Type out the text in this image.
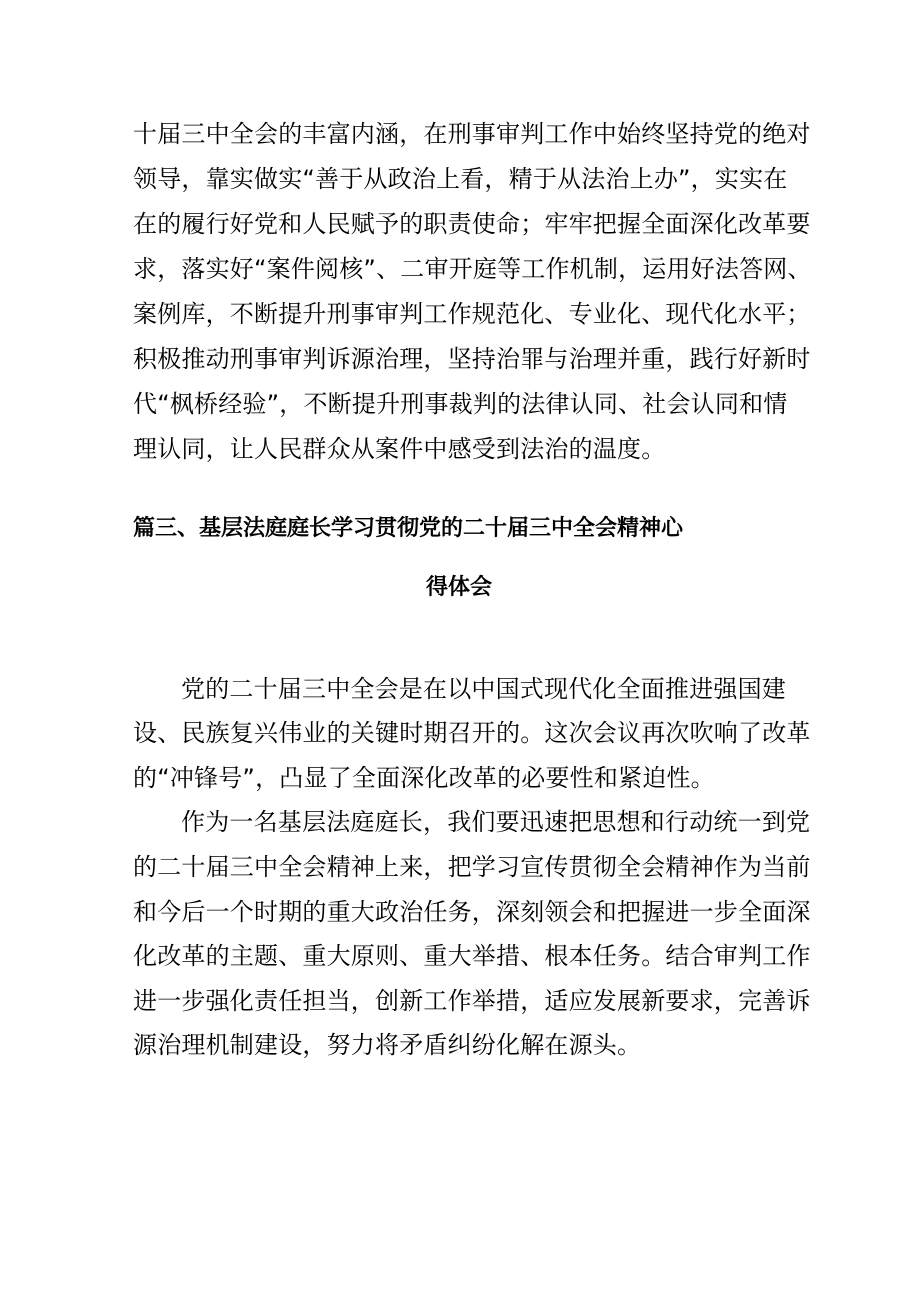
十届三中全会的丰富内涵，在刑事审判工作中始终坚持党的绝对
领导，靠实做实“善于从政治上看，精于从法治上办”，实实在
在的履行好党和人民赋予的职责使命；牢牢把握全面深化改革要
求，落实好“案件阅核”、二审开庭等工作机制，运用好法答网、
案例库，不断提升刑事审判工作规范化、专业化、现代化水平；
积极推动刑事审判诉源治理，坚持治罪与治理并重，践行好新时
代“枫桥经验”，不断提升刑事裁判的法律认同、社会认同和情
理认同，让人民群众从案件中感受到法治的温度。
篇三、基层法庭庭长学习贯彻党的二十届三中全会精神心
得体会
党的二十届三中全会是在以中国式现代化全面推进强国建
设、民族复兴伟业的关键时期召开的。这次会议再次吹响了改革
的“冲锋号”，凸显了全面深化改革的必要性和紧迫性。
作为一名基层法庭庭长，我们要迅速把思想和行动统一到党
的二十届三中全会精神上来，把学习宣传贯彻全会精神作为当前
和今后一个时期的重大政治任务，深刻领会和把握进一步全面深
化改革的主题、重大原则、重大举措、根本任务。结合审判工作
进一步强化责任担当，创新工作举措，适应发展新要求，完善诉
源治理机制建设，努力将矛盾纠纷化解在源头。
